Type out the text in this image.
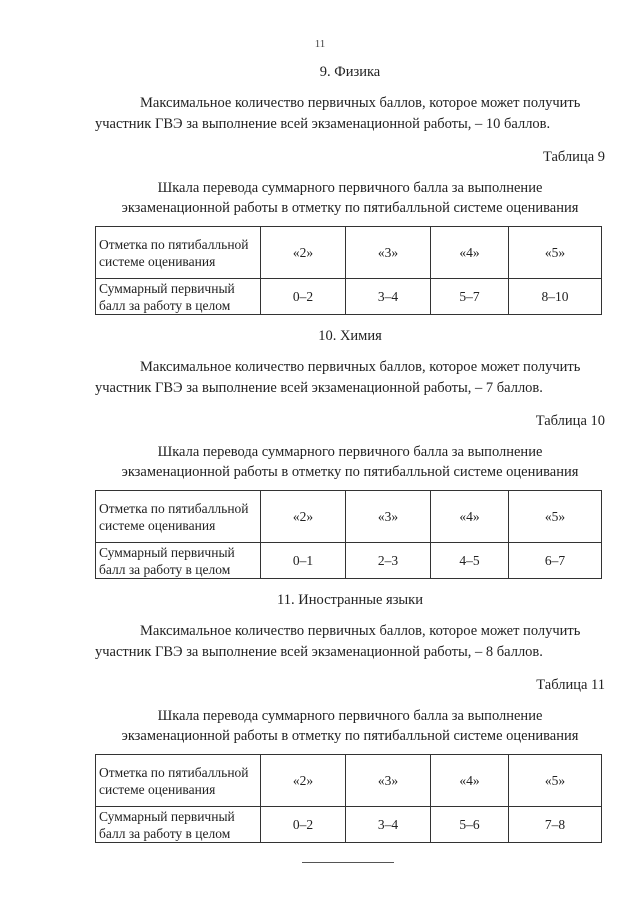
11
9. Физика
Максимальное количество первичных баллов, которое может получить
участник ГВЭ за выполнение всей экзаменационной работы, – 10 баллов.
Таблица 9
Шкала перевода суммарного первичного балла за выполнение
экзаменационной работы в отметку по пятибалльной системе оценивания
Отметка по пятибалльной системе оценивания	«2»	«3»	«4»	«5»
Суммарный первичный балл за работу в целом	0–2	3–4	5–7	8–10
10. Химия
Максимальное количество первичных баллов, которое может получить
участник ГВЭ за выполнение всей экзаменационной работы, – 7 баллов.
Таблица 10
Шкала перевода суммарного первичного балла за выполнение
экзаменационной работы в отметку по пятибалльной системе оценивания
Отметка по пятибалльной системе оценивания	«2»	«3»	«4»	«5»
Суммарный первичный балл за работу в целом	0–1	2–3	4–5	6–7
11. Иностранные языки
Максимальное количество первичных баллов, которое может получить
участник ГВЭ за выполнение всей экзаменационной работы, – 8 баллов.
Таблица 11
Шкала перевода суммарного первичного балла за выполнение
экзаменационной работы в отметку по пятибалльной системе оценивания
Отметка по пятибалльной системе оценивания	«2»	«3»	«4»	«5»
Суммарный первичный балл за работу в целом	0–2	3–4	5–6	7–8
